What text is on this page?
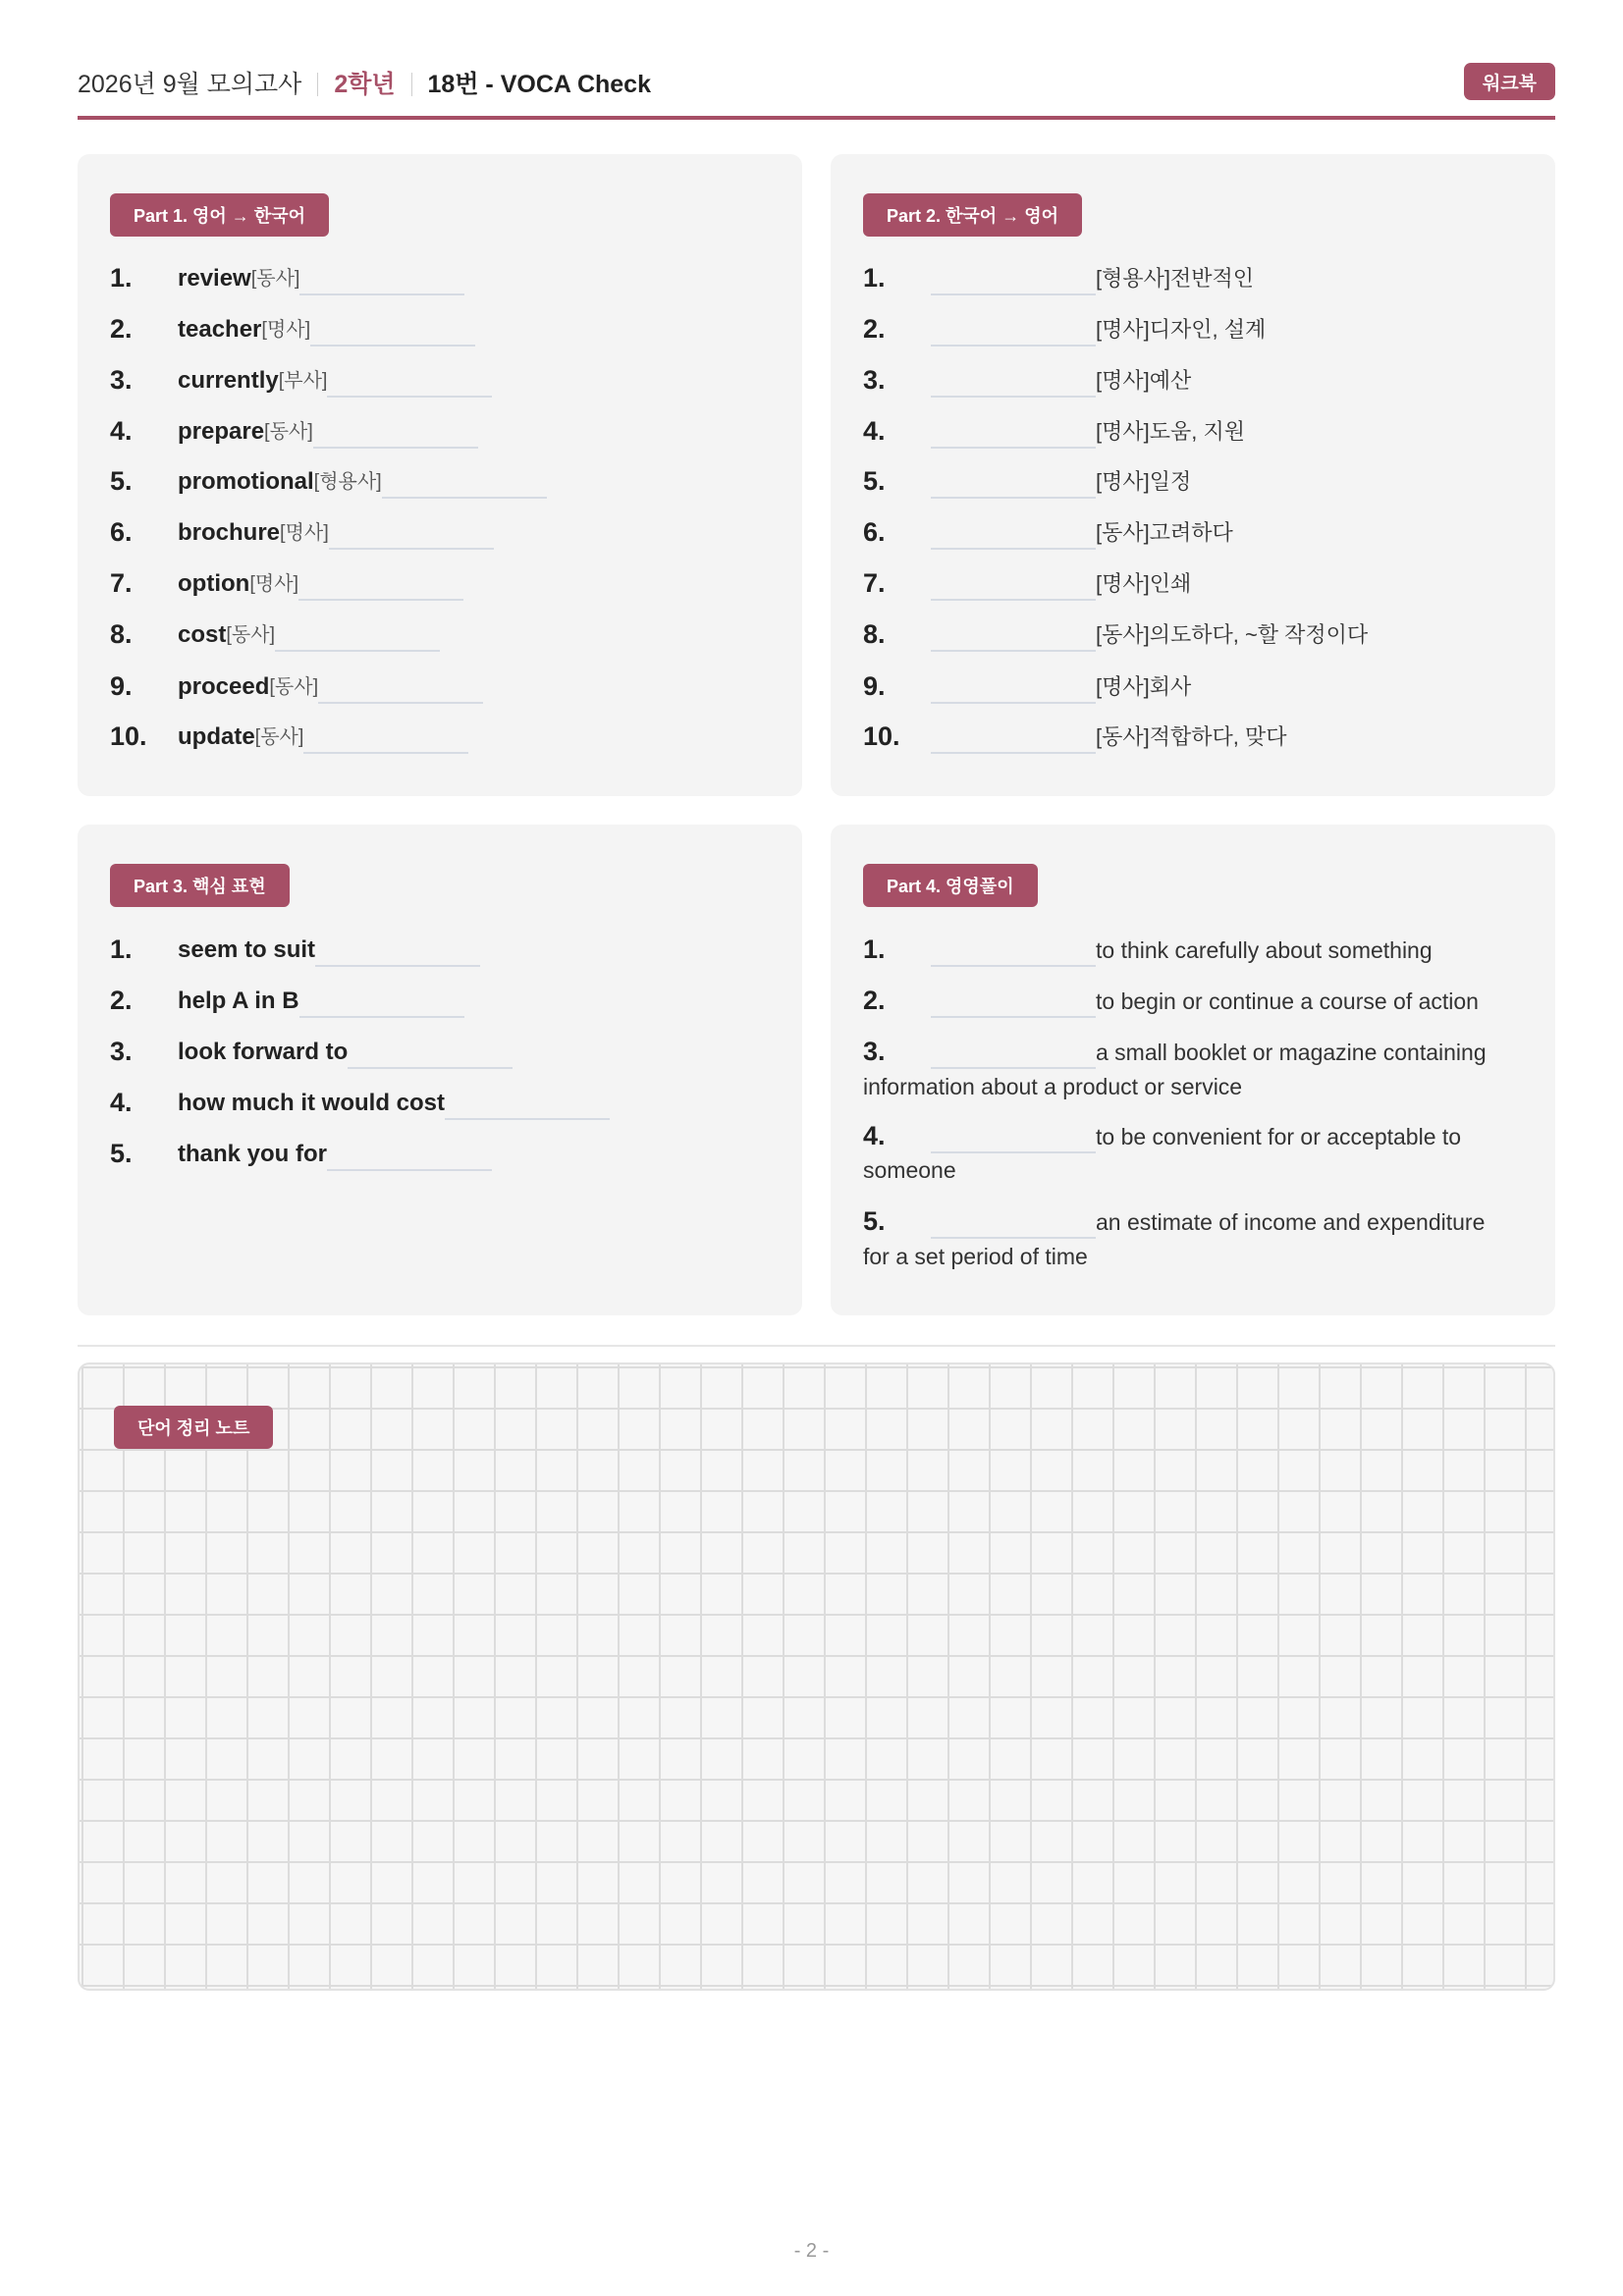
2026년 9월 모의고사 2학년 18번 - VOCA Check	워크북
Part 1. 영어 → 한국어
1.	review [동사]
2.	teacher [명사]
3.	currently [부사]
4.	prepare [동사]
5.	promotional [형용사]
6.	brochure [명사]
7.	option [명사]
8.	cost [동사]
9.	proceed [동사]
10.	update [동사]
Part 2. 한국어 → 영어
1.	[형용사]전반적인
2.	[명사]디자인, 설계
3.	[명사]예산
4.	[명사]도움, 지원
5.	[명사]일정
6.	[동사]고려하다
7.	[명사]인쇄
8.	[동사]의도하다, ~할 작정이다
9.	[명사]회사
10.	[동사]적합하다, 맞다
Part 3. 핵심 표현
1.	seem to suit
2.	help A in B
3.	look forward to
4.	how much it would cost
5.	thank you for
Part 4. 영영풀이
1.	to think carefully about something
2.	to begin or continue a course of action
3.	a small booklet or magazine containing
information about a product or service
4.	to be convenient for or acceptable to
someone
5.	an estimate of income and expenditure
for a set period of time
단어 정리 노트
- 2 -
